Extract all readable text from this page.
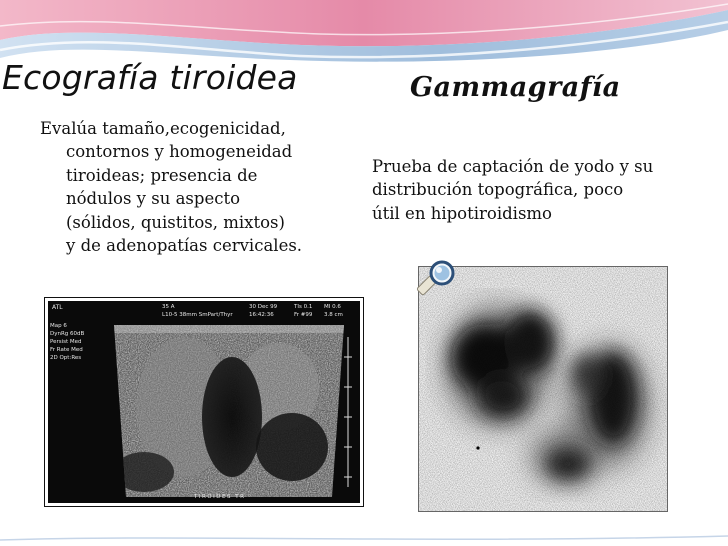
Ecografía tiroidea	Gammagrafía
Evalúa tamaño,ecogenicidad,
contornos y homogeneidad
tiroideas; presencia de
nódulos y su aspecto
(sólidos, quistitos, mixtos)
y de adenopatías cervicales.
Prueba de captación de yodo y su
distribución topográfica, poco
útil en hipotiroidismo
ATL
Map 6
DynRg 60dB
Persist Med
Fr Rate Med
2D Opt:Res
35 A
L10-5 38mm SmPart/Thyr
30 Dec 99
16:42:36
TIs 0.1
Fr #99
MI 0.6
3.8 cm
TIROIDES TR
